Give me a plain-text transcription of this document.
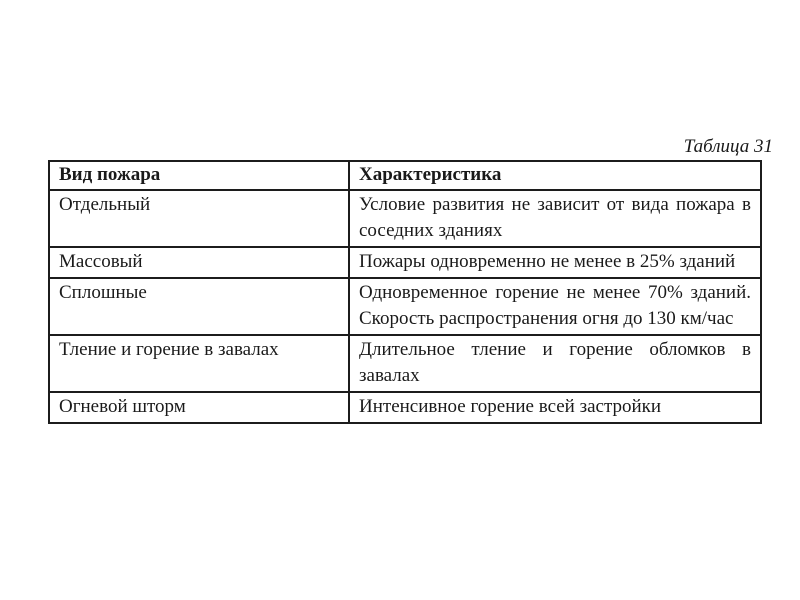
Таблица 31
Вид пожара	Характеристика
Отдельный	Условие развития не зависит от вида пожара в соседних зданиях
Массовый	Пожары одновременно не менее в 25% зданий
Сплошные	Одновременное горение не менее 70% зданий. Скорость распространения огня до 130 км/час
Тление и горение в завалах	Длительное тление и горение обломков в завалах
Огневой шторм	Интенсивное горение всей застройки
